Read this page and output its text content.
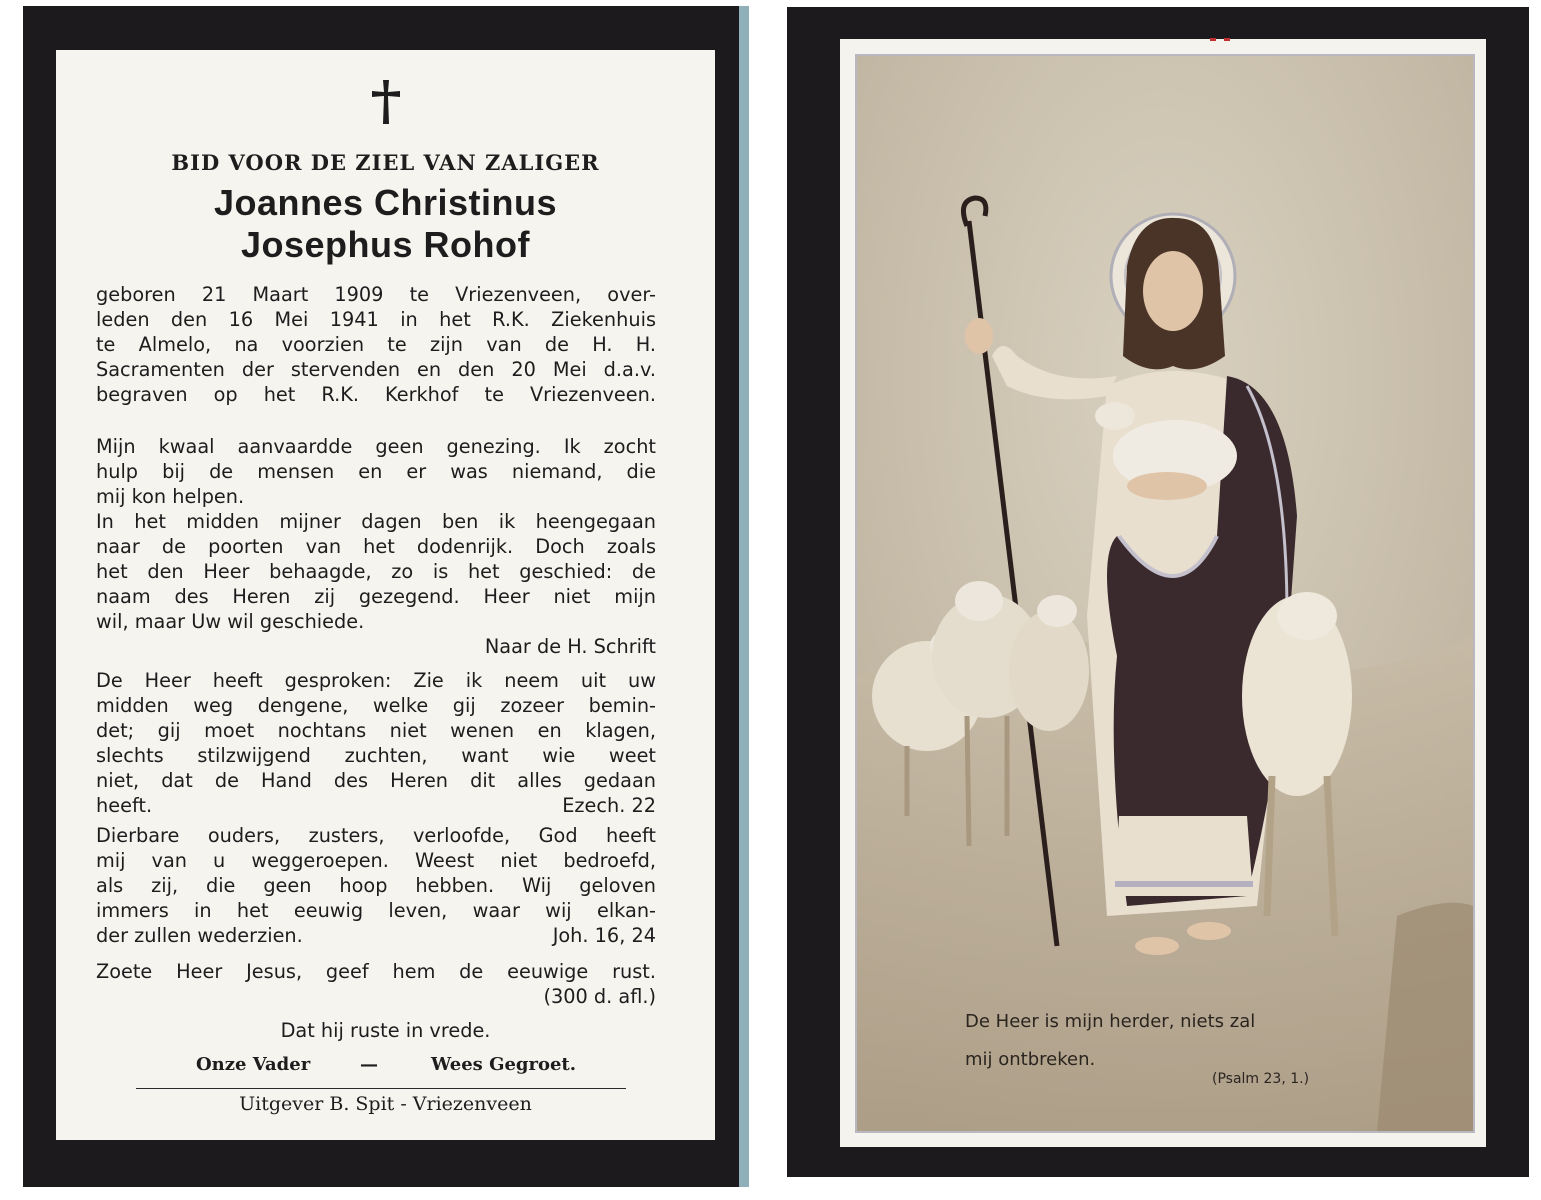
BID VOOR DE ZIEL VAN ZALIGER
Joannes Christinus
Josephus Rohof
geboren 21 Maart 1909 te Vriezenveen, over-
leden den 16 Mei 1941 in het R.K. Ziekenhuis
te Almelo, na voorzien te zijn van de H. H.
Sacramenten der stervenden en den 20 Mei d.a.v.
begraven op het R.K. Kerkhof te Vriezenveen.
Mijn kwaal aanvaardde geen genezing. Ik zocht
hulp bij de mensen en er was niemand, die
mij kon helpen.
In het midden mijner dagen ben ik heengegaan
naar de poorten van het dodenrijk. Doch zoals
het den Heer behaagde, zo is het geschied: de
naam des Heren zij gezegend. Heer niet mijn
wil, maar Uw wil geschiede.
Naar de H. Schrift
De Heer heeft gesproken: Zie ik neem uit uw
midden weg dengene, welke gij zozeer bemin-
det; gij moet nochtans niet wenen en klagen,
slechts stilzwijgend zuchten, want wie weet
niet, dat de Hand des Heren dit alles gedaan
heeft.	Ezech. 22
Dierbare ouders, zusters, verloofde, God heeft
mij van u weggeroepen. Weest niet bedroefd,
als zij, die geen hoop hebben. Wij geloven
immers in het eeuwig leven, waar wij elkan-
der zullen wederzien.	Joh. 16, 24
Zoete Heer Jesus, geef hem de eeuwige rust.
(300 d. afl.)
Dat hij ruste in vrede.
Onze Vader	—	Wees Gegroet.
Uitgever B. Spit - Vriezenveen
De Heer is mijn herder, niets zal
mij ontbreken.
(Psalm 23, 1.)
